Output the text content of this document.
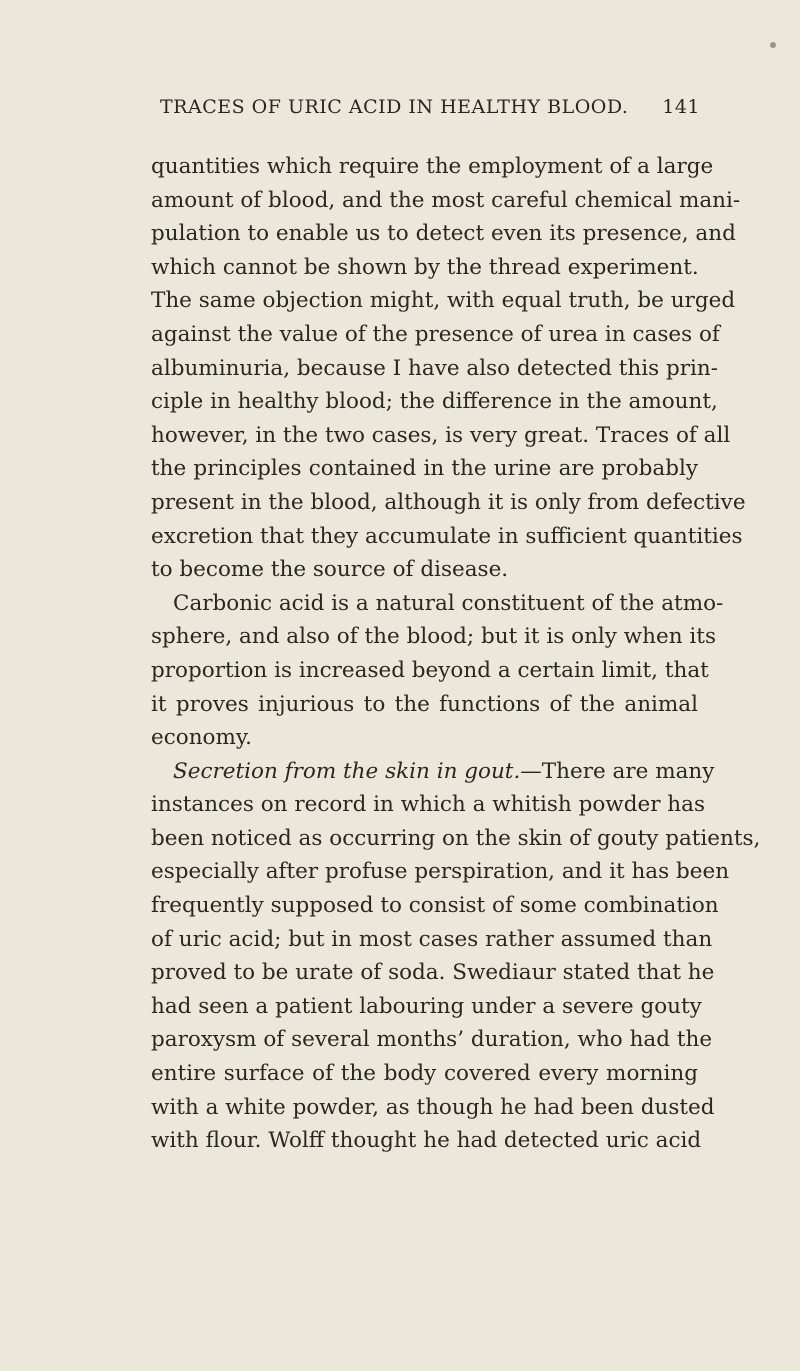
TRACES OF URIC ACID IN HEALTHY BLOOD. 141
quantities which require the employment of a large
amount of blood, and the most careful chemical mani-
pulation to enable us to detect even its presence, and
which cannot be shown by the thread experiment.
The same objection might, with equal truth, be urged
against the value of the presence of urea in cases of
albuminuria, because I have also detected this prin-
ciple in healthy blood; the difference in the amount,
however, in the two cases, is very great. Traces of all
the principles contained in the urine are probably
present in the blood, although it is only from defective
excretion that they accumulate in sufficient quantities
to become the source of disease.
Carbonic acid is a natural constituent of the atmo-
sphere, and also of the blood; but it is only when its
proportion is increased beyond a certain limit, that
it proves injurious to the functions of the animal
economy.
Secretion from the skin in gout.—There are many
instances on record in which a whitish powder has
been noticed as occurring on the skin of gouty patients,
especially after profuse perspiration, and it has been
frequently supposed to consist of some combination
of uric acid; but in most cases rather assumed than
proved to be urate of soda. Swediaur stated that he
had seen a patient labouring under a severe gouty
paroxysm of several months’ duration, who had the
entire surface of the body covered every morning
with a white powder, as though he had been dusted
with flour. Wolff thought he had detected uric acid
